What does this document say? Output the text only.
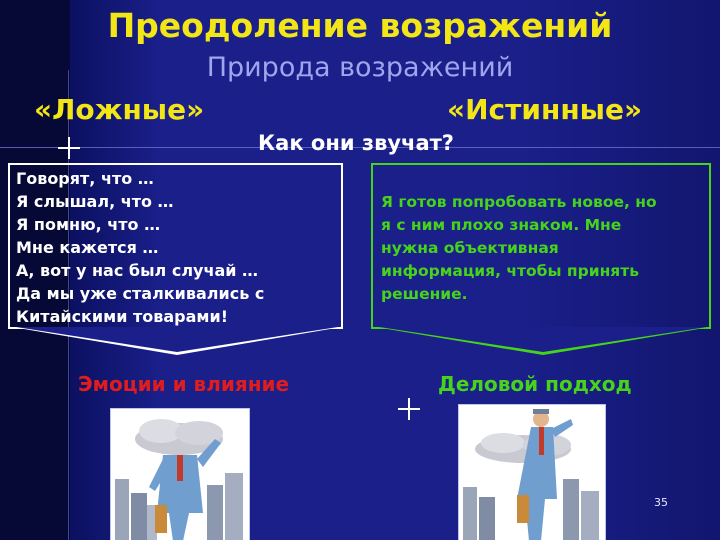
Преодоление возражений
Природа возражений
«Ложные»	«Истинные»
Как они звучат?
Говорят, что …
Я слышал, что …
Я помню, что …
Мне кажется …
А, вот у нас был случай …
Да мы уже сталкивались с
Китайскими товарами!
Я готов попробовать новое, но
я с ним плохо знаком. Мне
нужна объективная
информация, чтобы принять
решение.
Эмоции и влияние	Деловой подход
35
